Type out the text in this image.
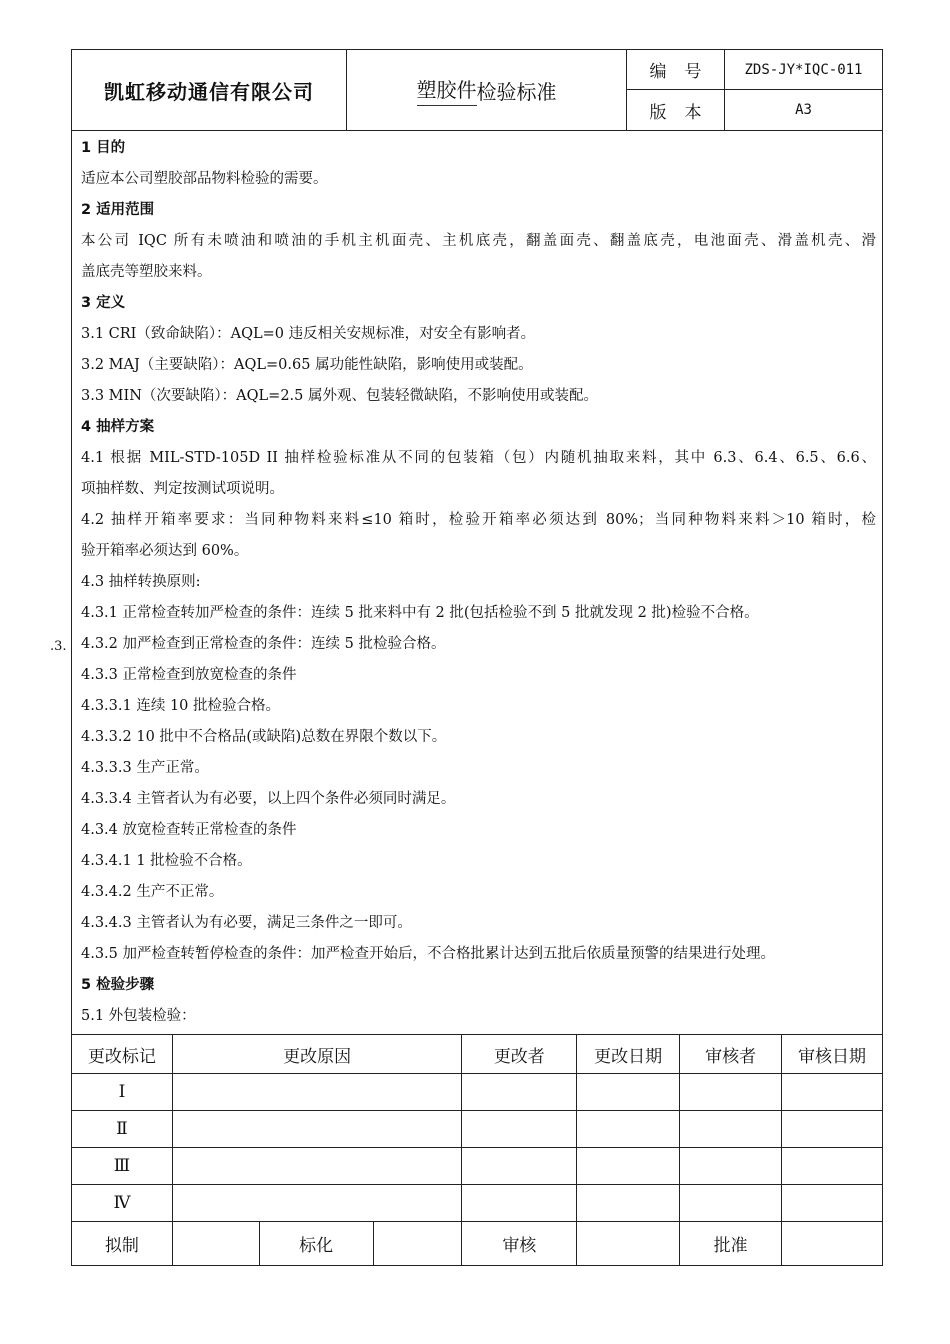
凯虹移动通信有限公司	塑胶件 检验标准
编号	ZDS-JY*IQC-011
版本	A3
1 目的
适应本公司塑胶部品物料检验的需要。
2 适用范围
本公司 IQC 所有未喷油和喷油的手机主机面壳、主机底壳，翻盖面壳、翻盖底壳，电池面壳、滑盖机壳、滑
盖底壳等塑胶来料。
3 定义
3.1 CRI（致命缺陷）：AQL=0 违反相关安规标准，对安全有影响者。
3.2 MAJ（主要缺陷）：AQL=0.65 属功能性缺陷，影响使用或装配。
3.3 MIN（次要缺陷）：AQL=2.5 属外观、包装轻微缺陷，不影响使用或装配。
4 抽样方案
4.1 根据 MIL-STD-105D II 抽样检验标准从不同的包装箱（包）内随机抽取来料，其中 6.3、6.4、6.5、6.6、
项抽样数、判定按测试项说明。
4.2 抽样开箱率要求：当同种物料来料≤10 箱时，检验开箱率必须达到 80%；当同种物料来料＞10 箱时，检
验开箱率必须达到 60%。
4.3 抽样转换原则:
4.3.1 正常检查转加严检查的条件：连续 5 批来料中有 2 批(包括检验不到 5 批就发现 2 批)检验不合格。
4.3.2 加严检查到正常检查的条件：连续 5 批检验合格。
4.3.3 正常检查到放宽检查的条件
4.3.3.1 连续 10 批检验合格。
4.3.3.2 10 批中不合格品(或缺陷)总数在界限个数以下。
4.3.3.3 生产正常。
4.3.3.4 主管者认为有必要，以上四个条件必须同时满足。
4.3.4 放宽检查转正常检查的条件
4.3.4.1 1 批检验不合格。
4.3.4.2 生产不正常。
4.3.4.3 主管者认为有必要，满足三条件之一即可。
4.3.5 加严检查转暂停检查的条件：加严检查开始后，不合格批累计达到五批后依质量预警的结果进行处理。
5 检验步骤
5.1 外包装检验：
.3.
更改标记	更改原因			更改者	更改日期	审核者 审核日期

Ⅰ						

Ⅱ						

Ⅲ						

Ⅳ						

拟制		标化		审核		批准
